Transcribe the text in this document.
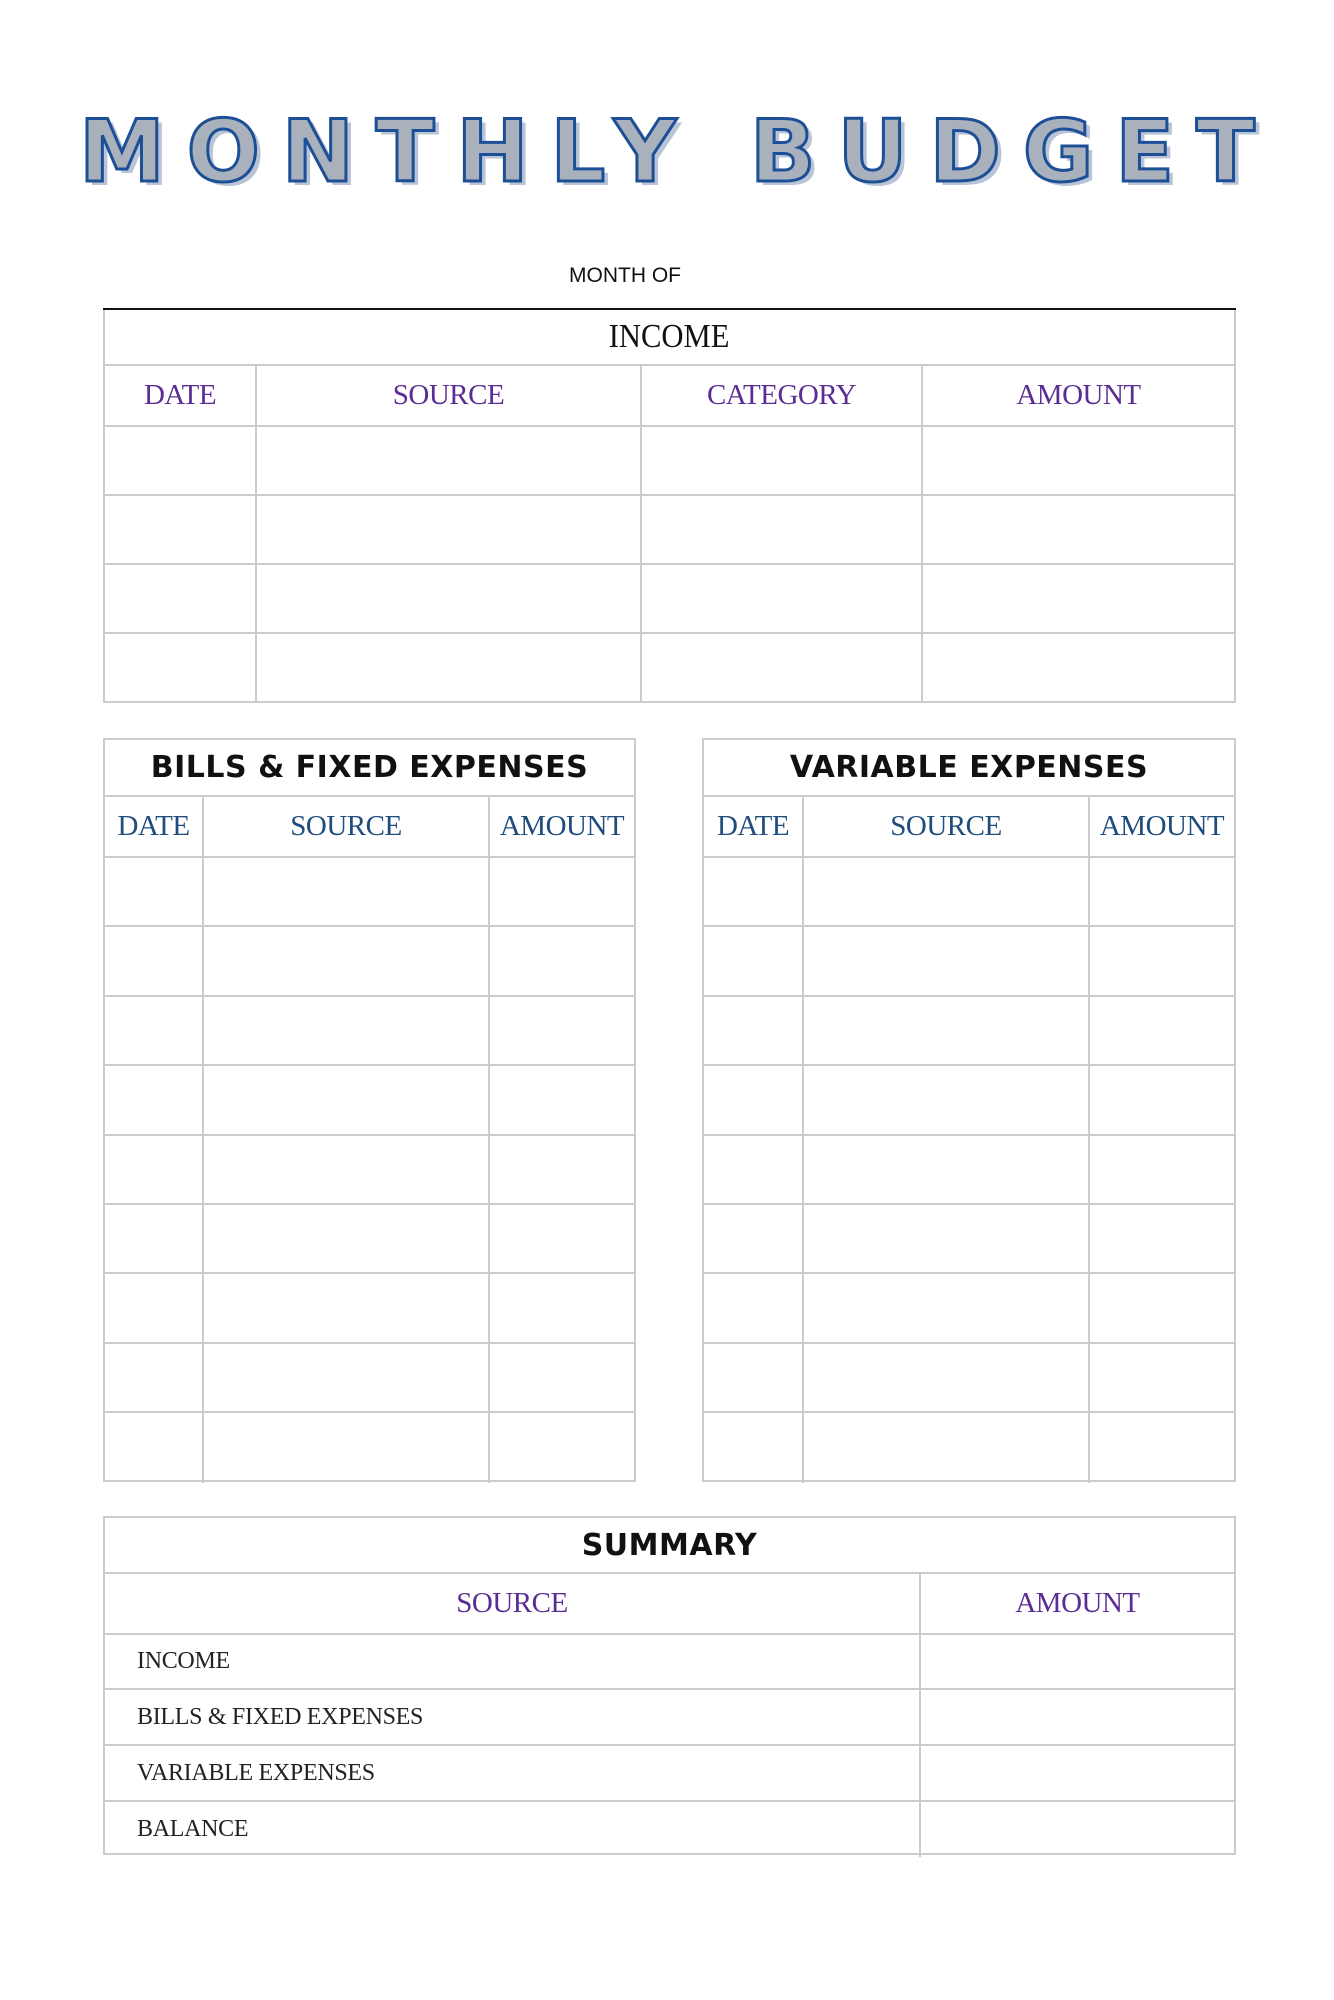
MONTHLY BUDGET
MONTH OF
INCOME
DATE	SOURCE	CATEGORY	AMOUNT
BILLS & FIXED EXPENSES
DATE	SOURCE	AMOUNT
VARIABLE EXPENSES
DATE	SOURCE	AMOUNT
SUMMARY
SOURCE	AMOUNT
INCOME
BILLS & FIXED EXPENSES
VARIABLE EXPENSES
BALANCE
